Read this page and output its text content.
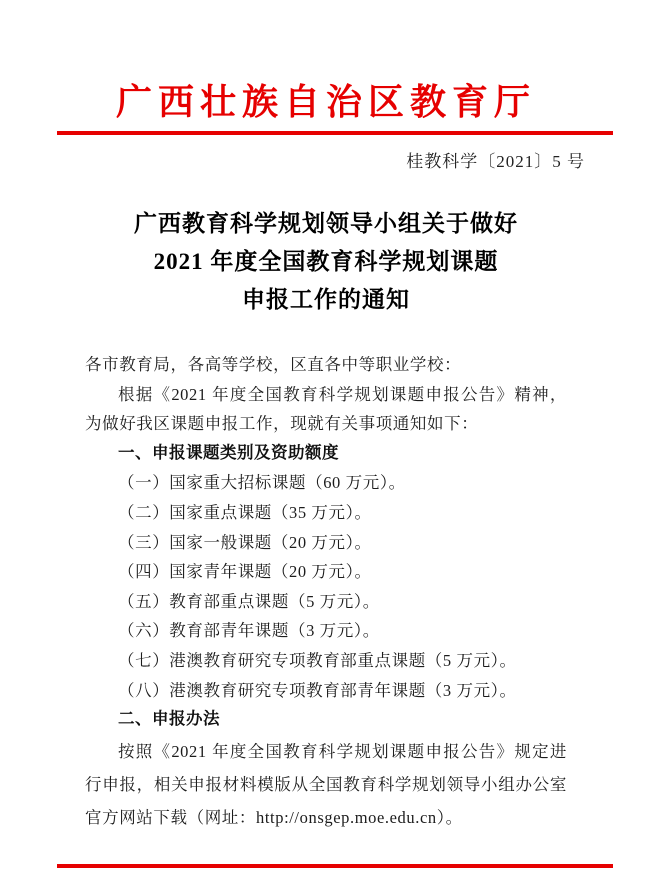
广西壮族自治区教育厅
桂教科学〔2021〕5 号
广西教育科学规划领导小组关于做好
2021 年度全国教育科学规划课题
申报工作的通知

各市教育局，各高等学校，区直各中等职业学校：

根据《2021 年度全国教育科学规划课题申报公告》精神，为做好我区课题申报工作，现就有关事项通知如下：

一、申报课题类别及资助额度

（一）国家重大招标课题（60 万元）。

（二）国家重点课题（35 万元）。

（三）国家一般课题（20 万元）。

（四）国家青年课题（20 万元）。

（五）教育部重点课题（5 万元）。

（六）教育部青年课题（3 万元）。

（七）港澳教育研究专项教育部重点课题（5 万元）。

（八）港澳教育研究专项教育部青年课题（3 万元）。

二、申报办法

按照《2021 年度全国教育科学规划课题申报公告》规定进行申报，相关申报材料模版从全国教育科学规划领导小组办公室官方网站下载（网址：http://onsgep.moe.edu.cn）。
